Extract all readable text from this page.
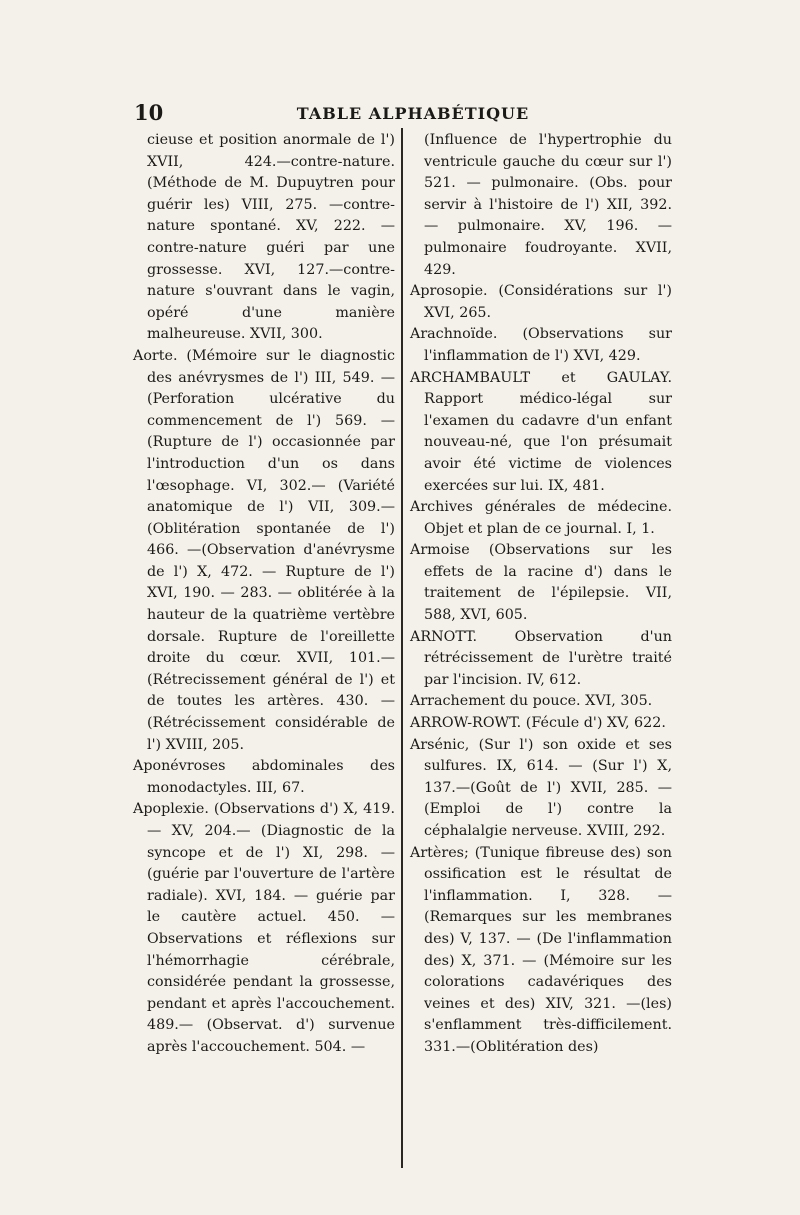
10	TABLE ALPHABÉTIQUE

cieuse et position anormale de l') XVII, 424.—contre-nature. (Méthode de M. Dupuytren pour guérir les) VIII, 275. —contre-nature spontané. XV, 222. — contre-nature guéri par une grossesse. XVI, 127.—contre-nature s'ouvrant dans le vagin, opéré d'une manière malheureuse. XVII, 300.

Aorte. (Mémoire sur le diagnostic des anévrysmes de l') III, 549. — (Perforation ulcérative du commencement de l') 569. — (Rupture de l') occasionnée par l'introduction d'un os dans l'œsophage. VI, 302.— (Variété anatomique de l') VII, 309.—(Oblitération spontanée de l') 466. —(Observation d'anévrysme de l') X, 472. — Rupture de l') XVI, 190. — 283. — oblitérée à la hauteur de la quatrième vertèbre dorsale. Rupture de l'oreillette droite du cœur. XVII, 101.—(Rétrecissement général de l') et de toutes les artères. 430. — (Rétrécissement considérable de l') XVIII, 205.

Aponévroses abdominales des monodactyles. III, 67.

Apoplexie. (Observations d') X, 419. — XV, 204.— (Diagnostic de la syncope et de l') XI, 298. — (guérie par l'ouverture de l'artère radiale). XVI, 184. — guérie par le cautère actuel. 450. — Observations et réflexions sur l'hémorrhagie cérébrale, considérée pendant la grossesse, pendant et après l'accouchement. 489.— (Observat. d') survenue après l'accouchement. 504. —

(Influence de l'hypertrophie du ventricule gauche du cœur sur l') 521. — pulmonaire. (Obs. pour servir à l'histoire de l') XII, 392. — pulmonaire. XV, 196. — pulmonaire foudroyante. XVII, 429.

Aprosopie. (Considérations sur l') XVI, 265.

Arachnoïde. (Observations sur l'inflammation de l') XVI, 429.

ARCHAMBAULT et GAULAY. Rapport médico-légal sur l'examen du cadavre d'un enfant nouveau-né, que l'on présumait avoir été victime de violences exercées sur lui. IX, 481.

Archives générales de médecine. Objet et plan de ce journal. I, 1.

Armoise (Observations sur les effets de la racine d') dans le traitement de l'épilepsie. VII, 588, XVI, 605.

ARNOTT. Observation d'un rétrécissement de l'urètre traité par l'incision. IV, 612.

Arrachement du pouce. XVI, 305.

ARROW-ROWT. (Fécule d') XV, 622.

Arsénic, (Sur l') son oxide et ses sulfures. IX, 614. — (Sur l') X, 137.—(Goût de l') XVII, 285. — (Emploi de l') contre la céphalalgie nerveuse. XVIII, 292.

Artères; (Tunique fibreuse des) son ossification est le résultat de l'inflammation. I, 328. — (Remarques sur les membranes des) V, 137. — (De l'inflammation des) X, 371. — (Mémoire sur les colorations cadavériques des veines et des) XIV, 321. —(les) s'enflamment très-difficilement. 331.—(Oblitération des)
